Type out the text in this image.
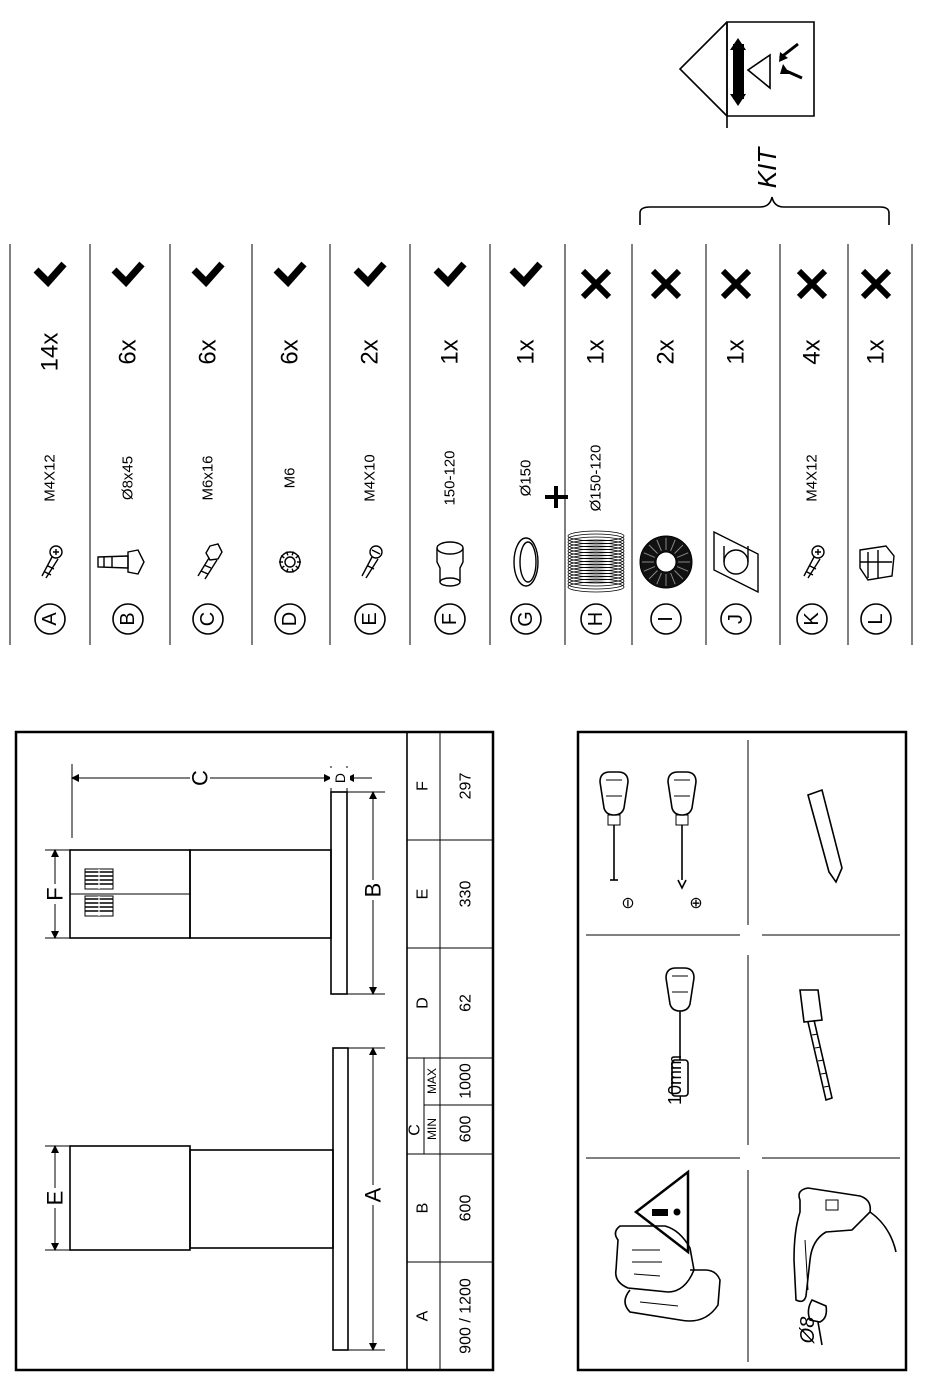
KIT
A
M4X12
14x
B
Ø8x45
6x
C
M6x16
6x
D
M6
6x
E
M4X10
2x
F
150-120
1x
G
Ø150
1x
H
Ø150-120
1x
I
2x
J
1x
K
M4X12
4x
L
1x
E
F
A
B
C	D
A
B
C
D
E
F
MIN
MAX
900 / 1200
600
600
1000
62
330
297
⊖	⊕
10mm
Ø8
